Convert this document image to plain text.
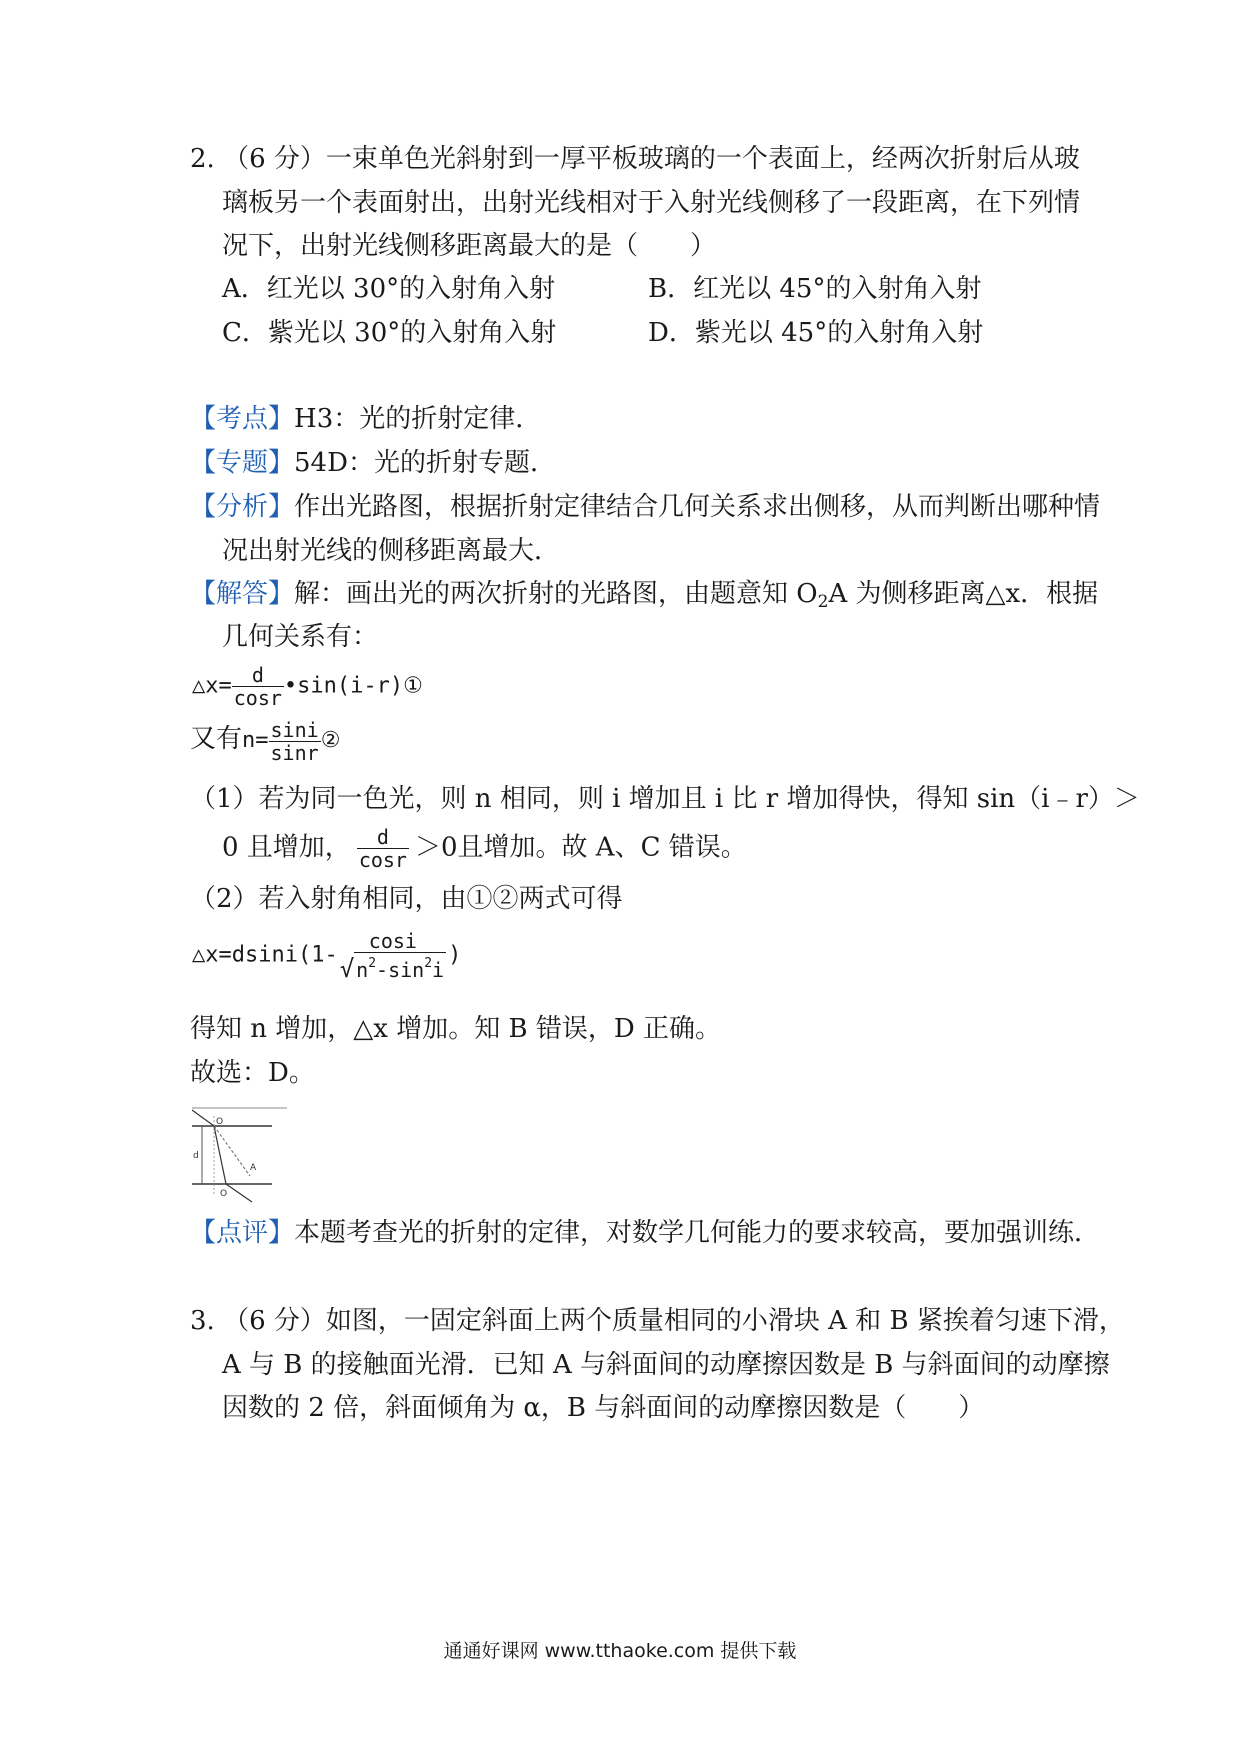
2. （6 分）一束单色光斜射到一厚平板玻璃的一个表面上，经两次折射后从玻
璃板另一个表面射出，出射光线相对于入射光线侧移了一段距离，在下列情
况下，出射光线侧移距离最大的是（　　）
A．红光以 30°的入射角入射	B．红光以 45°的入射角入射
C．紫光以 30°的入射角入射	D．紫光以 45°的入射角入射
【考点】H3：光的折射定律．
【专题】54D：光的折射专题．
【分析】作出光路图，根据折射定律结合几何关系求出侧移，从而判断出哪种情
况出射光线的侧移距离最大．
【解答】解：画出光的两次折射的光路图，由题意知 $O_2A$ 为侧移距离△x．根据
几何关系有：
△x= $\frac{d}{\cos r}$ •sin(i-r)①
又有$n= \frac{\sin i}{\sin r}$ ②
（1）若为同一色光，则 n 相同，则 i 增加且 i 比 r 增加得快，得知 sin（i﹣r）＞
0 且增加， $\frac{d}{\cos r} >0$且增加。故 A、C 错误。
（2）若入射角相同，由①②两式可得
△x=dsini(1-
cosi
√ $n^2-\sin^2i$
)
得知 n 增加，△x 增加。知 B 错误，D 正确。
故选：D。
O
O
d
A
【点评】本题考查光的折射的定律，对数学几何能力的要求较高，要加强训练．
3. （6 分）如图，一固定斜面上两个质量相同的小滑块 A 和 B 紧挨着匀速下滑，
A 与 B 的接触面光滑．已知 A 与斜面间的动摩擦因数是 B 与斜面间的动摩擦
因数的 2 倍，斜面倾角为 α，B 与斜面间的动摩擦因数是（　　）
通通好课网 www.tthaoke.com 提供下载
